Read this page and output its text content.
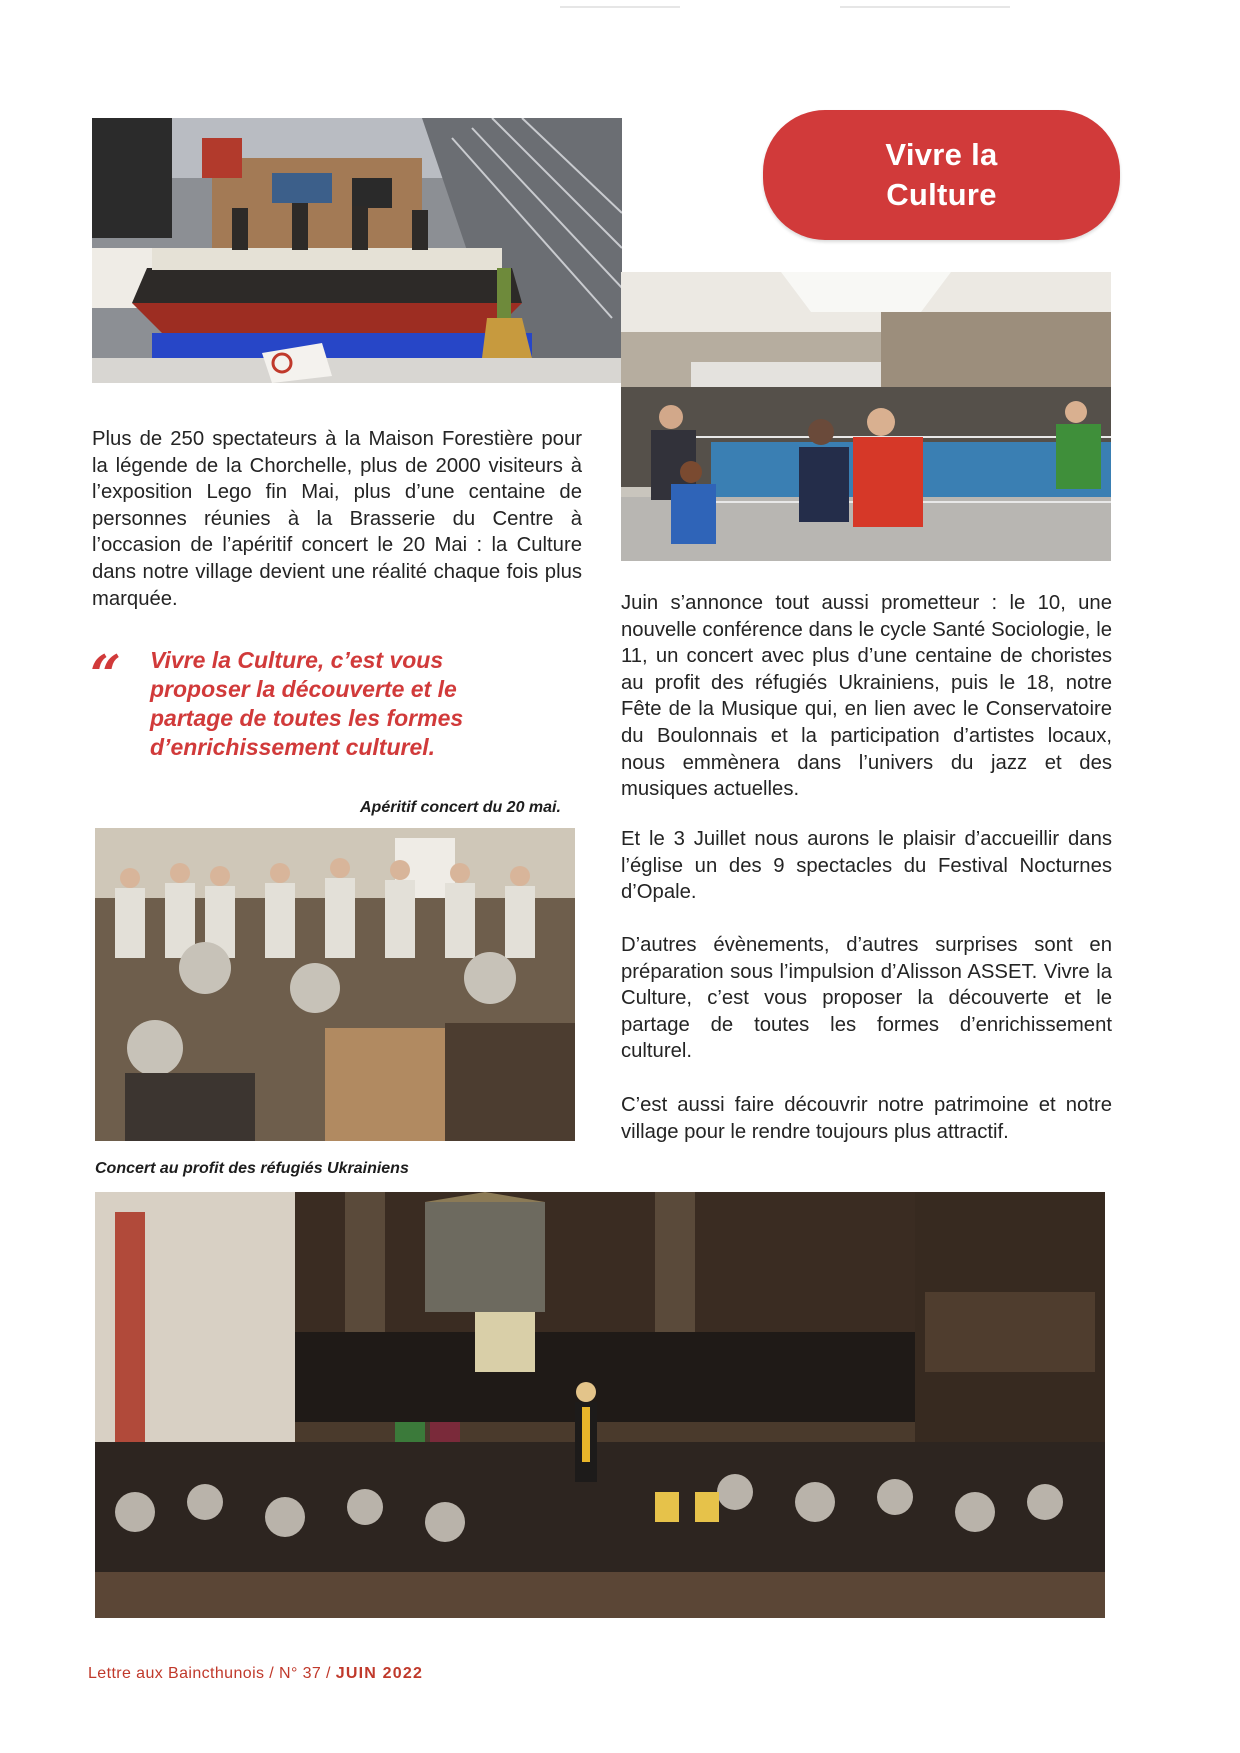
Vivre la Culture

Plus de 250 spectateurs à la Maison Forestière pour la légende de la Chorchelle, plus de 2000 visiteurs à l’exposition Lego fin Mai, plus d’une centaine de personnes réunies à la Brasserie du Centre à l’occasion de l’apéritif concert le 20 Mai : la Culture dans notre village devient une réalité chaque fois plus marquée.

“ Vivre la Culture, c’est vous proposer la découverte et le partage de toutes les formes d’enrichissement culturel.

Apéritif concert du 20 mai.

Juin s’annonce tout aussi prometteur : le 10, une nouvelle conférence dans le cycle Santé Sociologie, le 11, un concert avec plus d’une centaine de choristes au profit des réfugiés Ukrainiens, puis le 18, notre Fête de la Musique qui, en lien avec le Conservatoire du Boulonnais et la participation d’artistes locaux, nous emmènera dans l’univers du jazz et des musiques actuelles.

Et le 3 Juillet nous aurons le plaisir d’accueillir dans l’église un des 9 spectacles du Festival Nocturnes d’Opale.

D’autres évènements, d’autres surprises sont en préparation sous l’impulsion d’Alisson ASSET. Vivre la Culture, c’est vous proposer la découverte et le partage de toutes les formes d’enrichissement culturel.

C’est aussi faire découvrir notre patrimoine et notre village pour le rendre toujours plus attractif.

Concert au profit des réfugiés Ukrainiens

Lettre aux Baincthunois / N° 37 / JUIN 2022
